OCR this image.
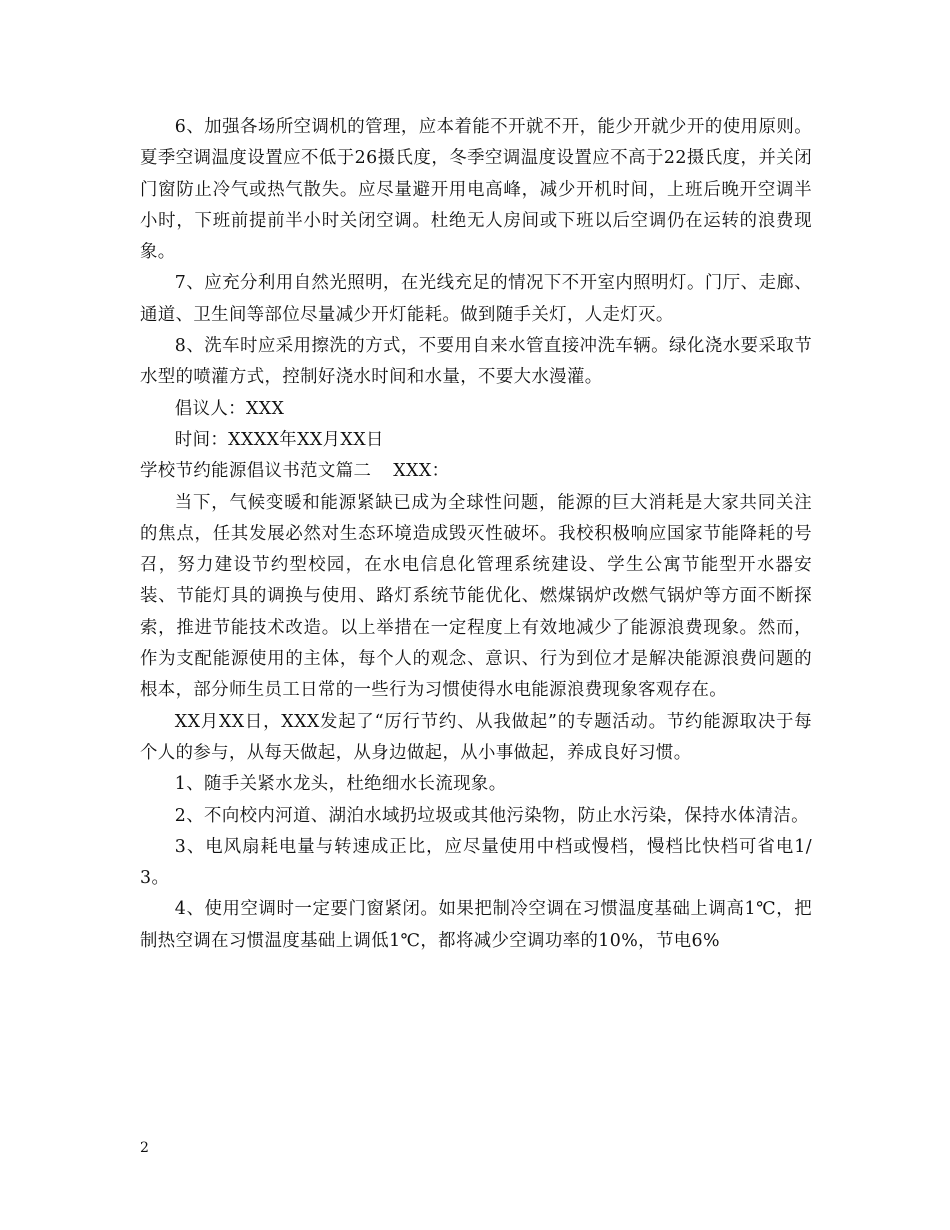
6、加强各场所空调机的管理，应本着能不开就不开，能少开就少开的使用原则。夏季空调温度设置应不低于26摄氏度，冬季空调温度设置应不高于22摄氏度，并关闭门窗防止冷气或热气散失。应尽量避开用电高峰，减少开机时间，上班后晚开空调半小时，下班前提前半小时关闭空调。杜绝无人房间或下班以后空调仍在运转的浪费现象。

7、应充分利用自然光照明，在光线充足的情况下不开室内照明灯。门厅、走廊、通道、卫生间等部位尽量减少开灯能耗。做到随手关灯，人走灯灭。

8、洗车时应采用擦洗的方式，不要用自来水管直接冲洗车辆。绿化浇水要采取节水型的喷灌方式，控制好浇水时间和水量，不要大水漫灌。

倡议人：XXX

时间：XXXX年XX月XX日

学校节约能源倡议书范文篇二 XXX：

当下，气候变暖和能源紧缺已成为全球性问题，能源的巨大消耗是大家共同关注的焦点，任其发展必然对生态环境造成毁灭性破坏。我校积极响应国家节能降耗的号召，努力建设节约型校园，在水电信息化管理系统建设、学生公寓节能型开水器安装、节能灯具的调换与使用、路灯系统节能优化、燃煤锅炉改燃气锅炉等方面不断探索，推进节能技术改造。以上举措在一定程度上有效地减少了能源浪费现象。然而，作为支配能源使用的主体，每个人的观念、意识、行为到位才是解决能源浪费问题的根本，部分师生员工日常的一些行为习惯使得水电能源浪费现象客观存在。

XX月XX日，XXX发起了“厉行节约、从我做起”的专题活动。节约能源取决于每个人的参与，从每天做起，从身边做起，从小事做起，养成良好习惯。

1、随手关紧水龙头，杜绝细水长流现象。

2、不向校内河道、湖泊水域扔垃圾或其他污染物，防止水污染，保持水体清洁。

3、电风扇耗电量与转速成正比，应尽量使用中档或慢档，慢档比快档可省电1/3。

4、使用空调时一定要门窗紧闭。如果把制冷空调在习惯温度基础上调高1℃，把制热空调在习惯温度基础上调低1℃，都将减少空调功率的10%，节电6%

2
